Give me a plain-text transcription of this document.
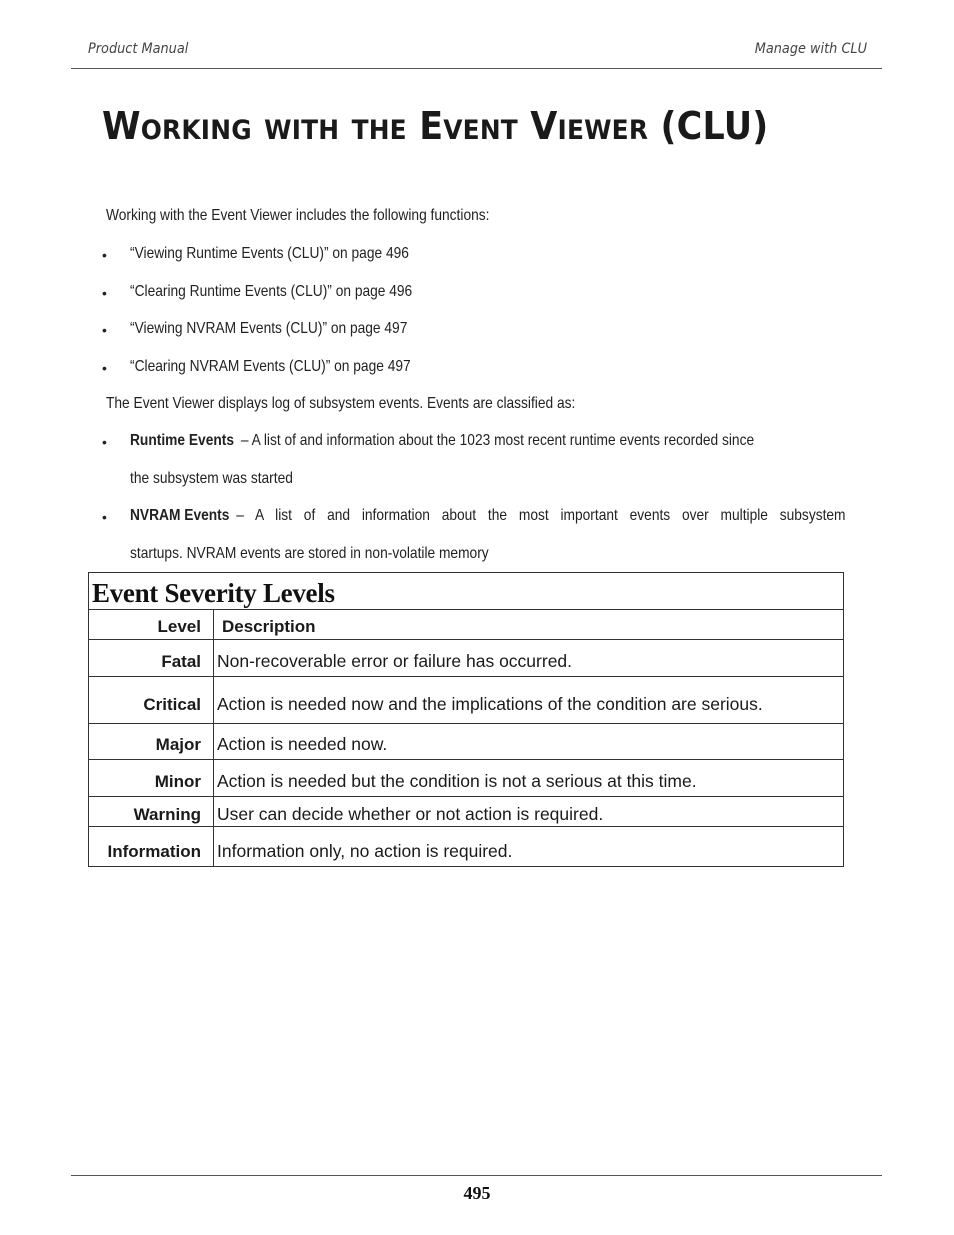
Product Manual	Manage with CLU
Working with the Event Viewer (CLU)
Working with the Event Viewer includes the following functions:
• “Viewing Runtime Events (CLU)” on page 496
• “Clearing Runtime Events (CLU)” on page 496
• “Viewing NVRAM Events (CLU)” on page 497
• “Clearing NVRAM Events (CLU)” on page 497
The Event Viewer displays log of subsystem events. Events are classified as:
• Runtime Events – A list of and information about the 1023 most recent runtime events recorded since
the subsystem was started
• NVRAM Events – A list of and information about the most important events over multiple subsystem
startups. NVRAM events are stored in non-volatile memory
Event Severity Levels
Level	Description
Fatal Non-recoverable error or failure has occurred.
Critical Action is needed now and the implications of the condition are serious.
Major Action is needed now.
Minor Action is needed but the condition is not a serious at this time.
Warning User can decide whether or not action is required.
Information Information only, no action is required.
495
